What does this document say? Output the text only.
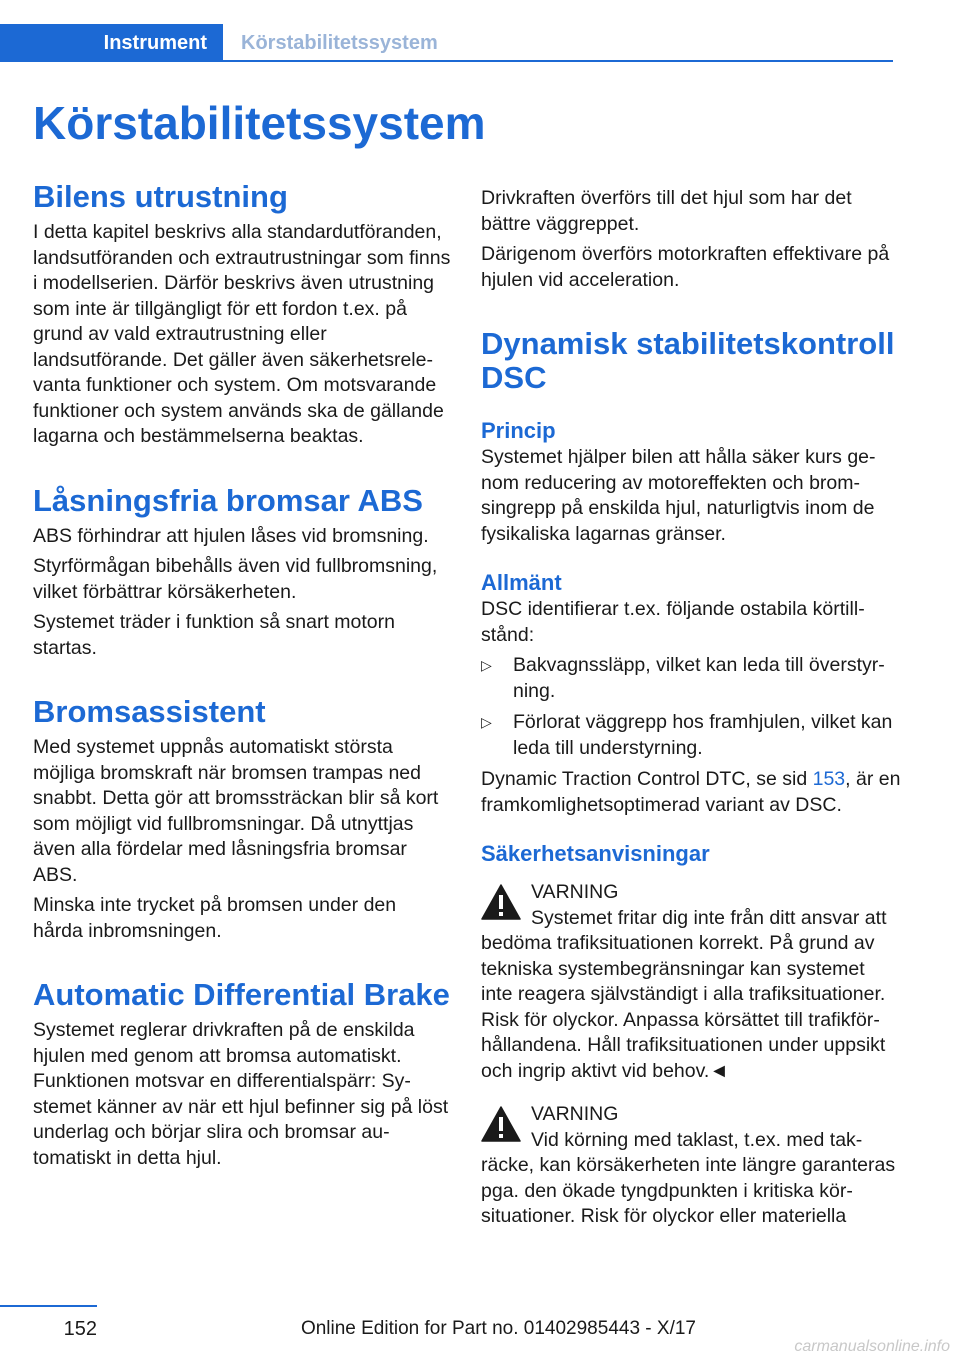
Instrument	Körstabilitetssystem
Körstabilitetssystem
Bilens utrustning

I detta kapitel beskrivs alla standardutföranden, landsutföranden och extrautrustningar som finns i modellserien. Därför beskrivs även utrustning som inte är tillgängligt för ett fordon t.ex. på grund av vald extrautrustning eller landsutförande. Det gäller även säkerhetsrelevanta funktioner och system. Om motsvarande funktioner och system används ska de gällande lagarna och bestämmelserna beaktas.

Låsningsfria bromsar ABS

ABS förhindrar att hjulen låses vid bromsning.

Styrförmågan bibehålls även vid fullbromsning, vilket förbättrar körsäkerheten.

Systemet träder i funktion så snart motorn startas.

Bromsassistent

Med systemet uppnås automatiskt största möjliga bromskraft när bromsen trampas ned snabbt. Detta gör att bromssträckan blir så kort som möjligt vid fullbromsningar. Då utnyttjas även alla fördelar med låsningsfria bromsar ABS.

Minska inte trycket på bromsen under den hårda inbromsningen.

Automatic Differential Brake

Systemet reglerar drivkraften på de enskilda hjulen med genom att bromsa automatiskt. Funktionen motsvar en differentialspärr: Systemet känner av när ett hjul befinner sig på löst underlag och börjar slira och bromsar automatiskt in detta hjul.

Drivkraften överförs till det hjul som har det bättre väggreppet.

Därigenom överförs motorkraften effektivare på hjulen vid acceleration.

Dynamisk stabilitetskontroll DSC
Princip

Systemet hjälper bilen att hålla säker kurs genom reducering av motoreffekten och bromsingrepp på enskilda hjul, naturligtvis inom de fysikaliska lagarnas gränser.

Allmänt

DSC identifierar t.ex. följande ostabila körtillstånd:

▷ Bakvagnssläpp, vilket kan leda till överstyrning.
▷ Förlorat väggrepp hos framhjulen, vilket kan leda till understyrning.

Dynamic Traction Control DTC, se sid 153, är en framkomlighetsoptimerad variant av DSC.

Säkerhetsanvisningar
VARNING
Systemet fritar dig inte från ditt ansvar att bedöma trafiksituationen korrekt. På grund av tekniska systembegränsningar kan systemet inte reagera självständigt i alla trafiksituationer. Risk för olyckor. Anpassa körsättet till trafikförhållandena. Håll trafiksituationen under uppsikt och ingrip aktivt vid behov.◄
VARNING
Vid körning med taklast, t.ex. med takräcke, kan körsäkerheten inte längre garanteras pga. den ökade tyngdpunkten i kritiska körsituationer. Risk för olyckor eller materiella
152	Online Edition for Part no. 01402985443 - X/17
carmanualsonline.info
